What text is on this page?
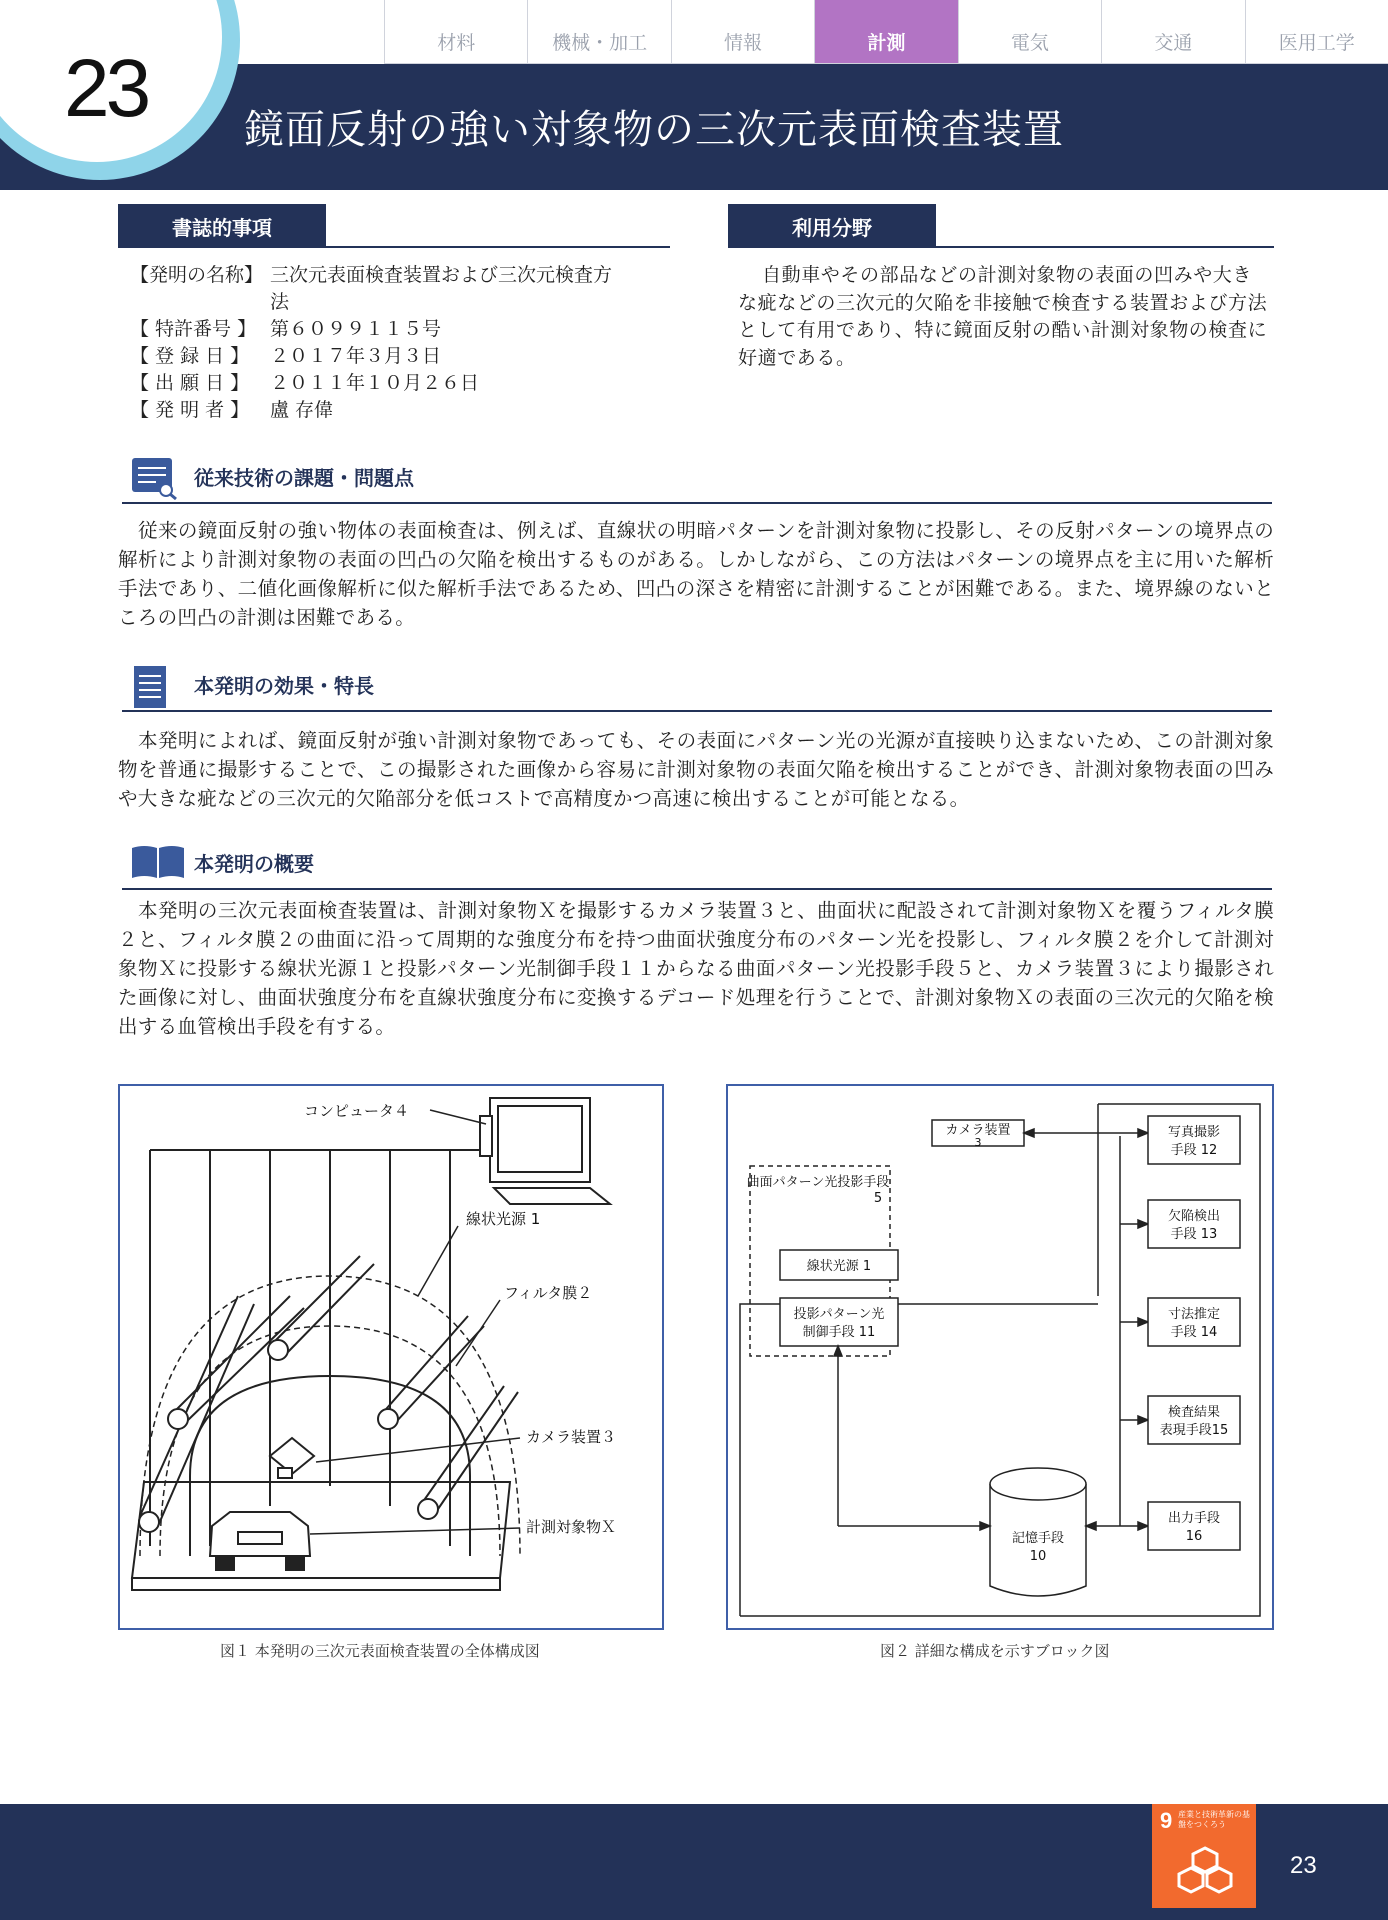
23	材料	機械・加工	情報	計測	電気	交通	医用工学
鏡面反射の強い対象物の三次元表面検査装置
書誌的事項
【発明の名称】 三次元表面検査装置および三次元検査方法
【 特許番号 】 第６０９９１１５号
【 登 録 日 】	２０１７年３月３日
【 出 願 日 】	２０１１年１０月２６日
【 発 明 者 】	盧 存偉
利用分野
自動車やその部品などの計測対象物の表面の凹みや大きな疵などの三次元的欠陥を非接触で検査する装置および方法として有用であり、特に鏡面反射の酷い計測対象物の検査に好適である。
従来技術の課題・問題点
従来の鏡面反射の強い物体の表面検査は、例えば、直線状の明暗パターンを計測対象物に投影し、その反射パターンの境界点の解析により計測対象物の表面の凹凸の欠陥を検出するものがある。しかしながら、この方法はパターンの境界点を主に用いた解析手法であり、二値化画像解析に似た解析手法であるため、凹凸の深さを精密に計測することが困難である。また、境界線のないところの凹凸の計測は困難である。
本発明の効果・特長
本発明によれば、鏡面反射が強い計測対象物であっても、その表面にパターン光の光源が直接映り込まないため、この計測対象物を普通に撮影することで、この撮影された画像から容易に計測対象物の表面欠陥を検出することができ、計測対象物表面の凹みや大きな疵などの三次元的欠陥部分を低コストで高精度かつ高速に検出することが可能となる。
本発明の概要
本発明の三次元表面検査装置は、計測対象物Ｘを撮影するカメラ装置３と、曲面状に配設されて計測対象物Ｘを覆うフィルタ膜２と、フィルタ膜２の曲面に沿って周期的な強度分布を持つ曲面状強度分布のパターン光を投影し、フィルタ膜２を介して計測対象物Ｘに投影する線状光源１と投影パターン光制御手段１１からなる曲面パターン光投影手段５と、カメラ装置３により撮影された画像に対し、曲面状強度分布を直線状強度分布に変換するデコード処理を行うことで、計測対象物Ｘの表面の三次元的欠陥を検出する血管検出手段を有する。
コンピュータ４
線状光源 1
フィルタ膜２
カメラ装置３
計測対象物Ｘ
図１ 本発明の三次元表面検査装置の全体構成図
カメラ装置
3
曲面パターン光投影手段
5
線状光源 1
投影パターン光
制御手段 11
記憶手段
10
写真撮影
手段 12
欠陥検出
手段 13
寸法推定
手段 14
検査結果
表現手段15
出力手段
16
図２ 詳細な構成を示すブロック図
9 産業と技術革新の基盤をつくろう
23
